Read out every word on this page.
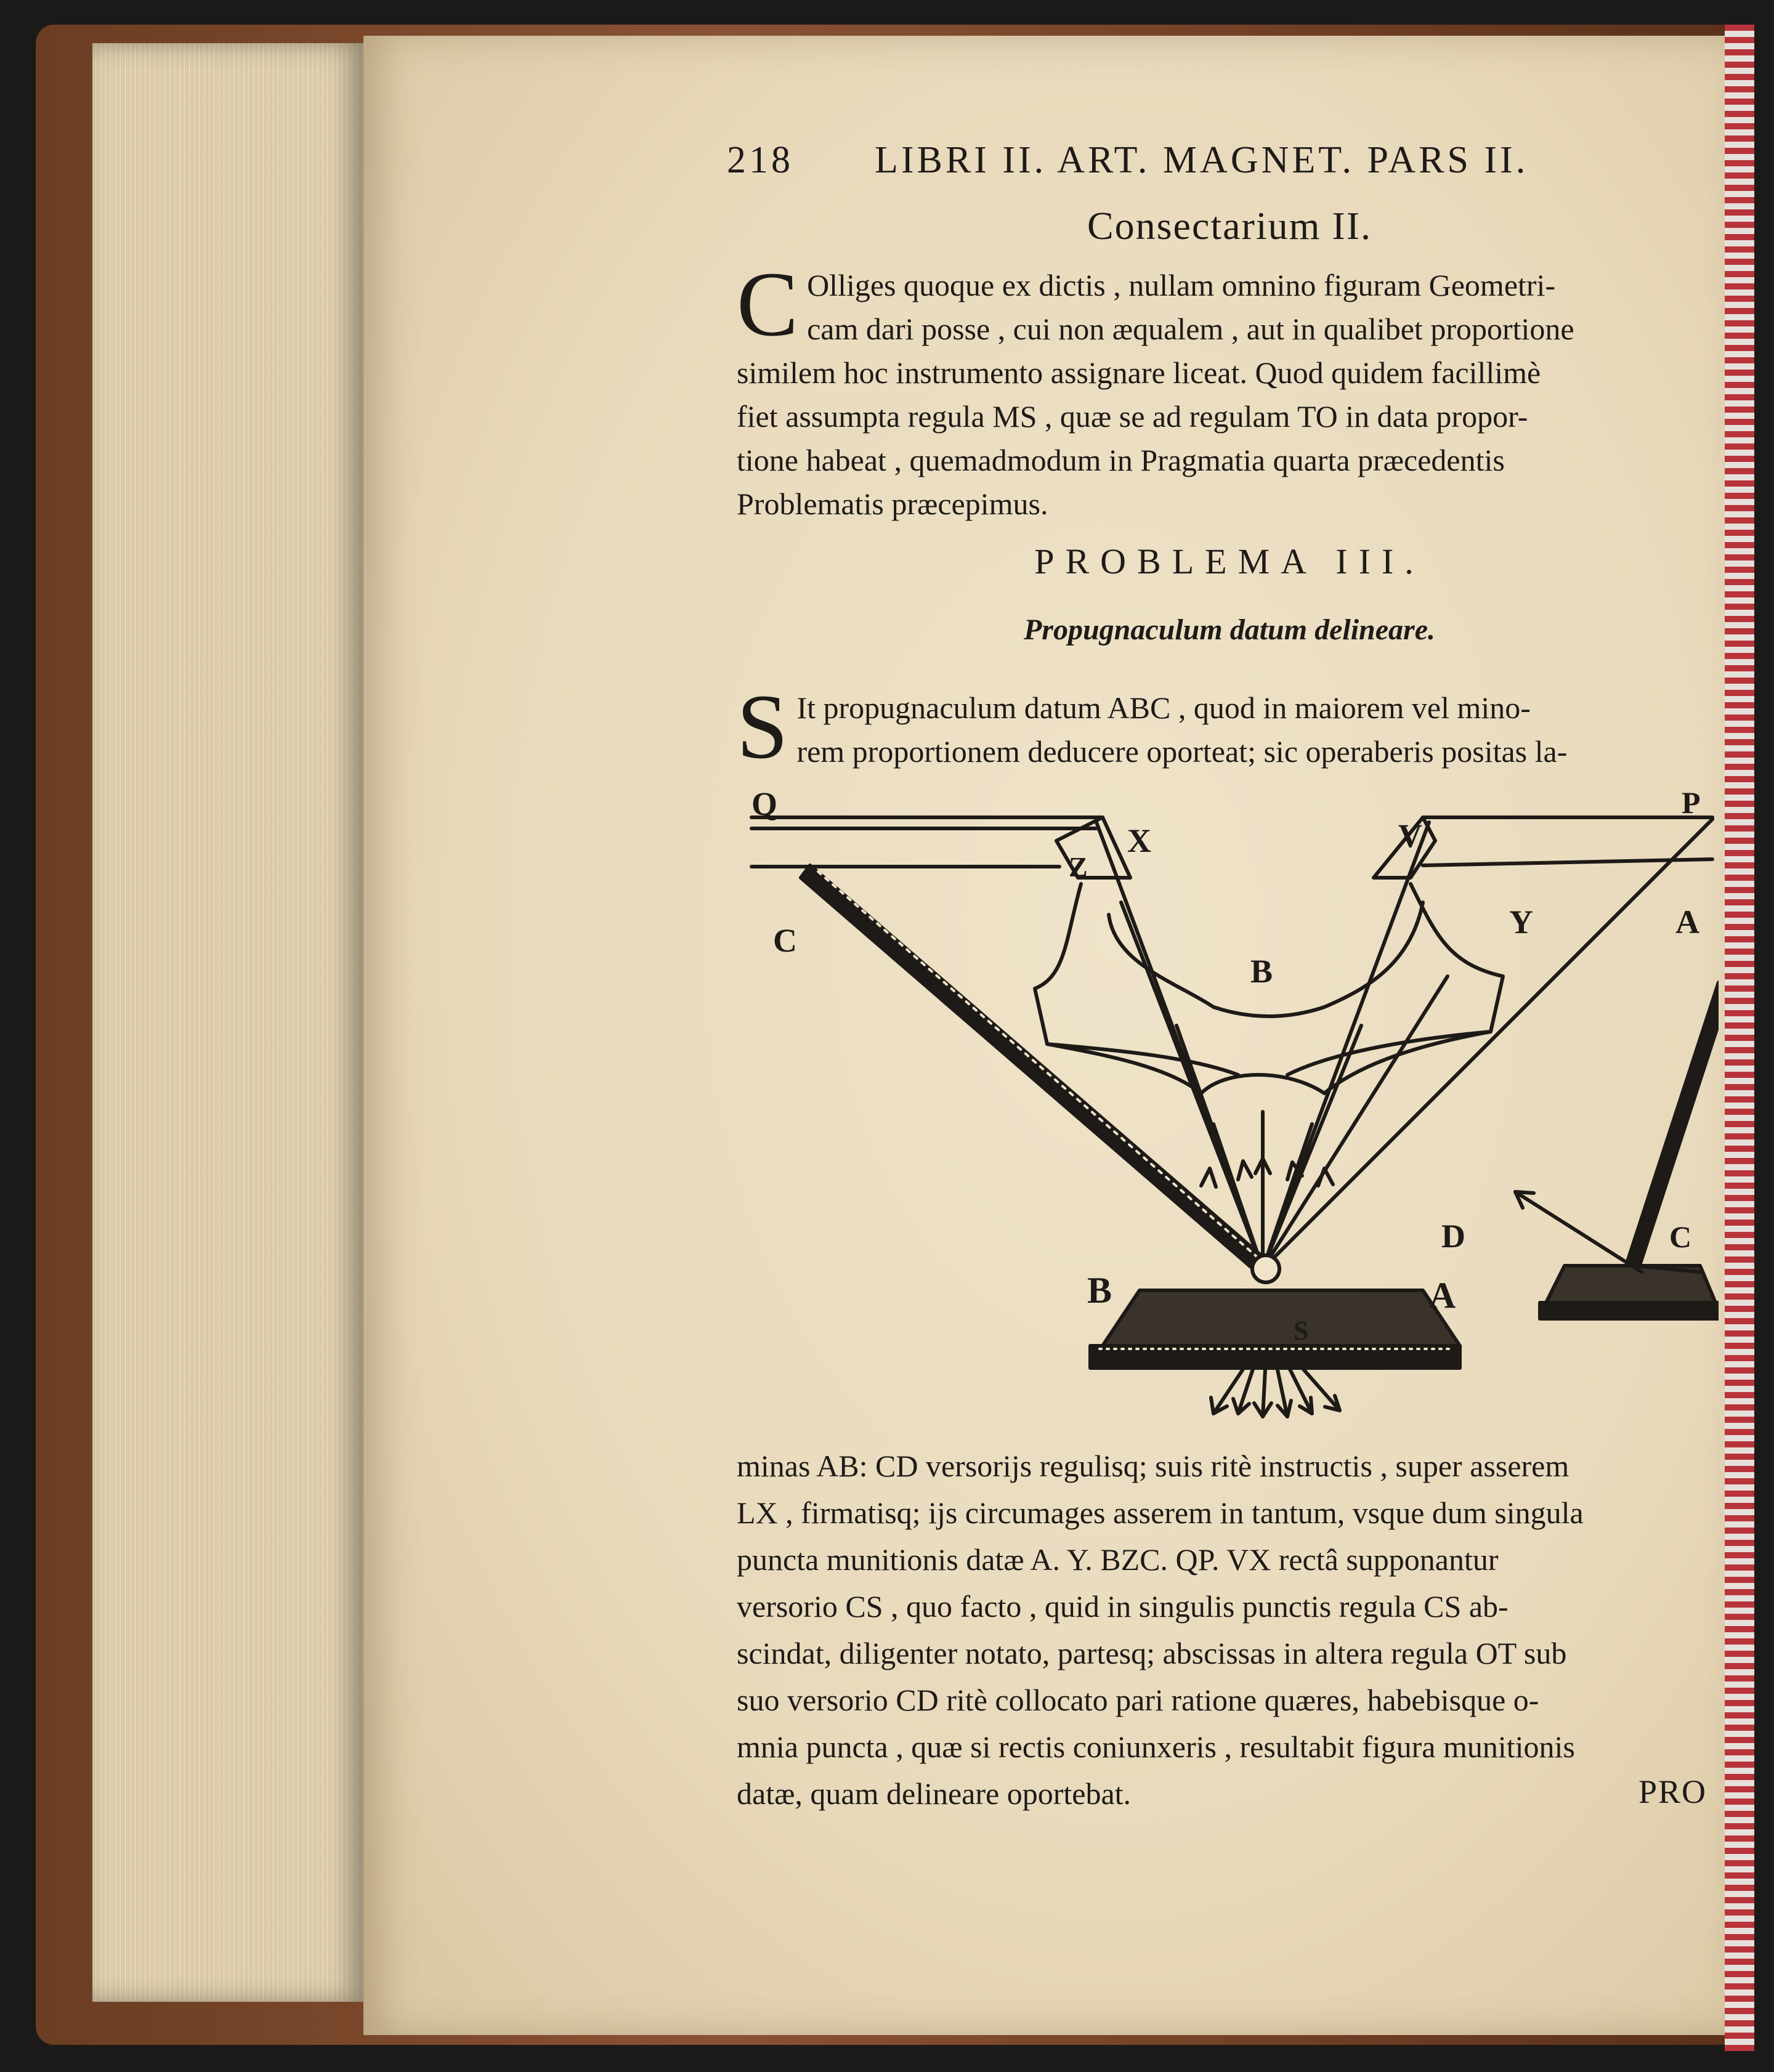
218 LIBRI II. ART. MAGNET. PARS II.
Consectarium II.
C Olliges quoque ex dictis , nullam omnino figuram Geometri-
cam dari posse , cui non æqualem , aut in qualibet proportione
similem hoc instrumento assignare liceat. Quod quidem facillimè
fiet assumpta regula MS , quæ se ad regulam TO in data propor-
tione habeat , quemadmodum in Pragmatia quarta præcedentis
Problematis præcepimus.
PROBLEMA III.
Propugnaculum datum delineare.
S It propugnaculum datum ABC , quod in maiorem vel mino-
rem proportionem deducere oporteat; sic operaberis positas la-
Q
X
Z
C
V
P
Y	A
B
D	C
B	A
S
minas AB: CD versorijs regulisq; suis ritè instructis , super asserem
LX , firmatisq; ijs circumages asserem in tantum, vsque dum singula
puncta munitionis datæ A. Y. BZC. QP. VX rectâ supponantur
versorio CS , quo facto , quid in singulis punctis regula CS ab-
scindat, diligenter notato, partesq; abscissas in altera regula OT sub
suo versorio CD ritè collocato pari ratione quæres, habebisque o-
mnia puncta , quæ si rectis coniunxeris , resultabit figura munitionis
datæ, quam delineare oportebat.	PRO
